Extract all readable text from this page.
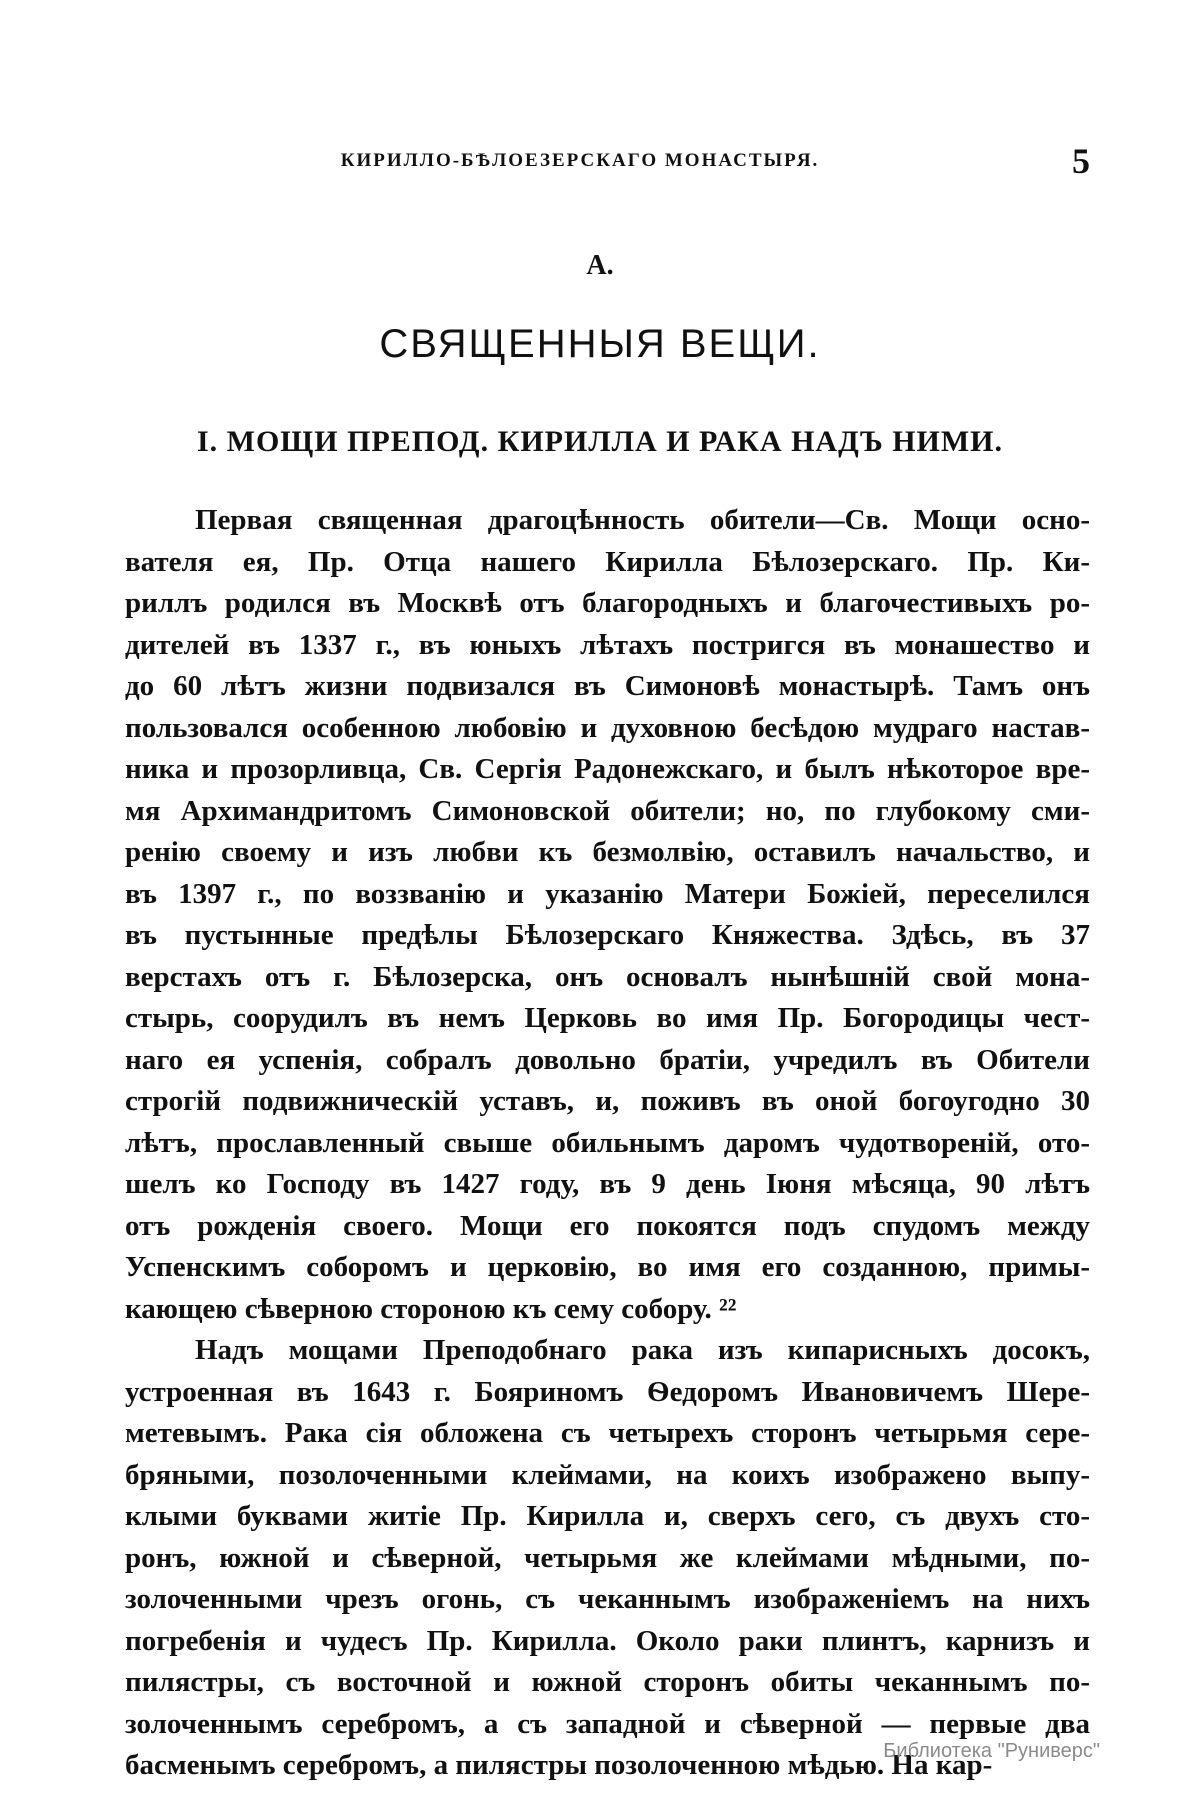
КИРИЛЛО-БѢЛОЕЗЕРСКАГО МОНАСТЫРЯ.	5
А.
СВЯЩЕННЫЯ ВЕЩИ.
I. МОЩИ ПРЕПОД. КИРИЛЛА И РАКА НАДЪ НИМИ.
Первая священная драгоцѣнность обители—Св. Мощи осно-
вателя ея, Пр. Отца нашего Кирилла Бѣлозерскаго. Пр. Ки-
риллъ родился въ Москвѣ отъ благородныхъ и благочестивыхъ ро-
дителей въ 1337 г., въ юныхъ лѣтахъ постригся въ монашество и
до 60 лѣтъ жизни подвизался въ Симоновѣ монастырѣ. Тамъ онъ
пользовался особенною любовію и духовною бесѣдою мудраго настав-
ника и прозорливца, Св. Сергія Радонежскаго, и былъ нѣкоторое вре-
мя Архимандритомъ Симоновской обители; но, по глубокому сми-
ренію своему и изъ любви къ безмолвію, оставилъ начальство, и
въ 1397 г., по воззванію и указанію Матери Божіей, переселился
въ пустынные предѣлы Бѣлозерскаго Княжества. Здѣсь, въ 37
верстахъ отъ г. Бѣлозерска, онъ основалъ нынѣшній свой мона-
стырь, соорудилъ въ немъ Церковь во имя Пр. Богородицы чест-
наго ея успенія, собралъ довольно братіи, учредилъ въ Обители
строгій подвижническій уставъ, и, поживъ въ оной богоугодно 30
лѣтъ, прославленный свыше обильнымъ даромъ чудотвореній, ото-
шелъ ко Господу въ 1427 году, въ 9 день Іюня мѣсяца, 90 лѣтъ
отъ рожденія своего. Мощи его покоятся подъ спудомъ между
Успенскимъ соборомъ и церковію, во имя его созданною, примы-
кающею сѣверною стороною къ сему собору. ²²
Надъ мощами Преподобнаго рака изъ кипарисныхъ досокъ,
устроенная въ 1643 г. Бояриномъ Ѳедоромъ Ивановичемъ Шере-
метевымъ. Рака сія обложена съ четырехъ сторонъ четырьмя сере-
бряными, позолоченными клеймами, на коихъ изображено выпу-
клыми буквами житіе Пр. Кирилла и, сверхъ сего, съ двухъ сто-
ронъ, южной и сѣверной, четырьмя же клеймами мѣдными, по-
золоченными чрезъ огонь, съ чеканнымъ изображеніемъ на нихъ
погребенія и чудесъ Пр. Кирилла. Около раки плинтъ, карнизъ и
пилястры, съ восточной и южной сторонъ обиты чеканнымъ по-
золоченнымъ серебромъ, а съ западной и сѣверной — первые два
басменымъ серебромъ, а пилястры позолоченною мѣдью. На кар-
Библиотека "Руниверс"
